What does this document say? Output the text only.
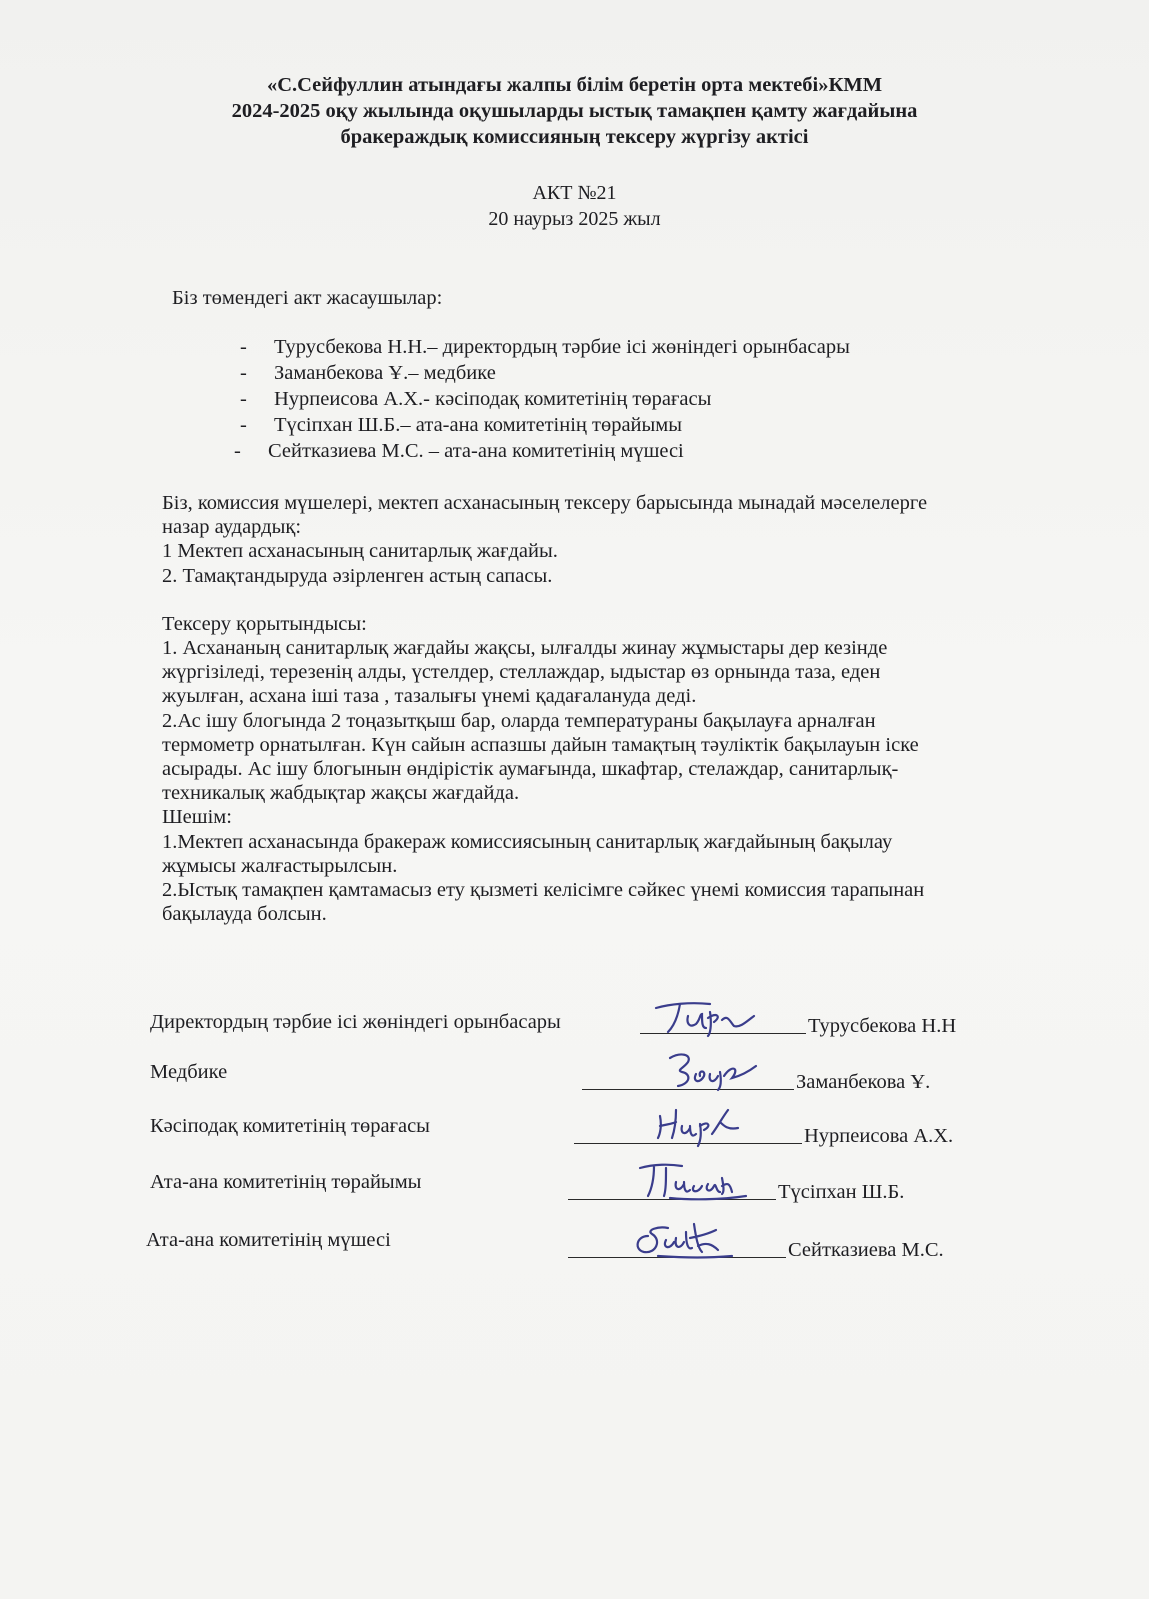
«С.Сейфуллин атындағы жалпы білім беретін орта мектебі»КММ
2024-2025 оқу жылында оқушыларды ыстық тамақпен қамту жағдайына
бракераждық комиссияның тексеру жүргізу актісі
АКТ №21
20 наурыз 2025 жыл
Біз төмендегі акт жасаушылар:
- Турусбекова Н.Н.– директордың тәрбие ісі жөніндегі орынбасары
- Заманбекова Ұ.– медбике
- Нурпеисова А.Х.- кәсіподақ комитетінің төрағасы
- Түсіпхан Ш.Б.– ата-ана комитетінің төрайымы
- Сейтказиева М.С. – ата-ана комитетінің мүшесі
Біз, комиссия мүшелері, мектеп асханасының тексеру барысында мынадай мәселелерге
назар аудардық:
1 Мектеп асханасының санитарлық жағдайы.
2. Тамақтандыруда әзірленген астың сапасы.
Тексеру қорытындысы:
1. Асхананың санитарлық жағдайы жақсы, ылғалды жинау жұмыстары дер кезінде
жүргізіледі, терезенің алды, үстелдер, стеллаждар, ыдыстар өз орнында таза, еден
жуылған, асхана іші таза , тазалығы үнемі қадағалануда деді.
2.Ас ішу блогында 2 тоңазытқыш бар, оларда температураны бақылауға арналған
термометр орнатылған. Күн сайын аспазшы дайын тамақтың тәуліктік бақылауын іске
асырады. Ас ішу блогынын өндірістік аумағында, шкафтар, стелаждар, санитарлық-
техникалық жабдықтар жақсы жағдайда.
Шешім:
1.Мектеп асханасында бракераж комиссиясының санитарлық жағдайының бақылау
жұмысы жалғастырылсын.
2.Ыстық тамақпен қамтамасыз ету қызметі келісімге сәйкес үнемі комиссия тарапынан
бақылауда болсын.
Директордың тәрбие ісі жөніндегі орынбасары	Турусбекова Н.Н
Медбике	Заманбекова Ұ.
Кәсіподақ комитетінің төрағасы	Нурпеисова А.Х.
Ата-ана комитетінің төрайымы	Түсіпхан Ш.Б.
Ата-ана комитетінің мүшесі	Сейтказиева М.С.
